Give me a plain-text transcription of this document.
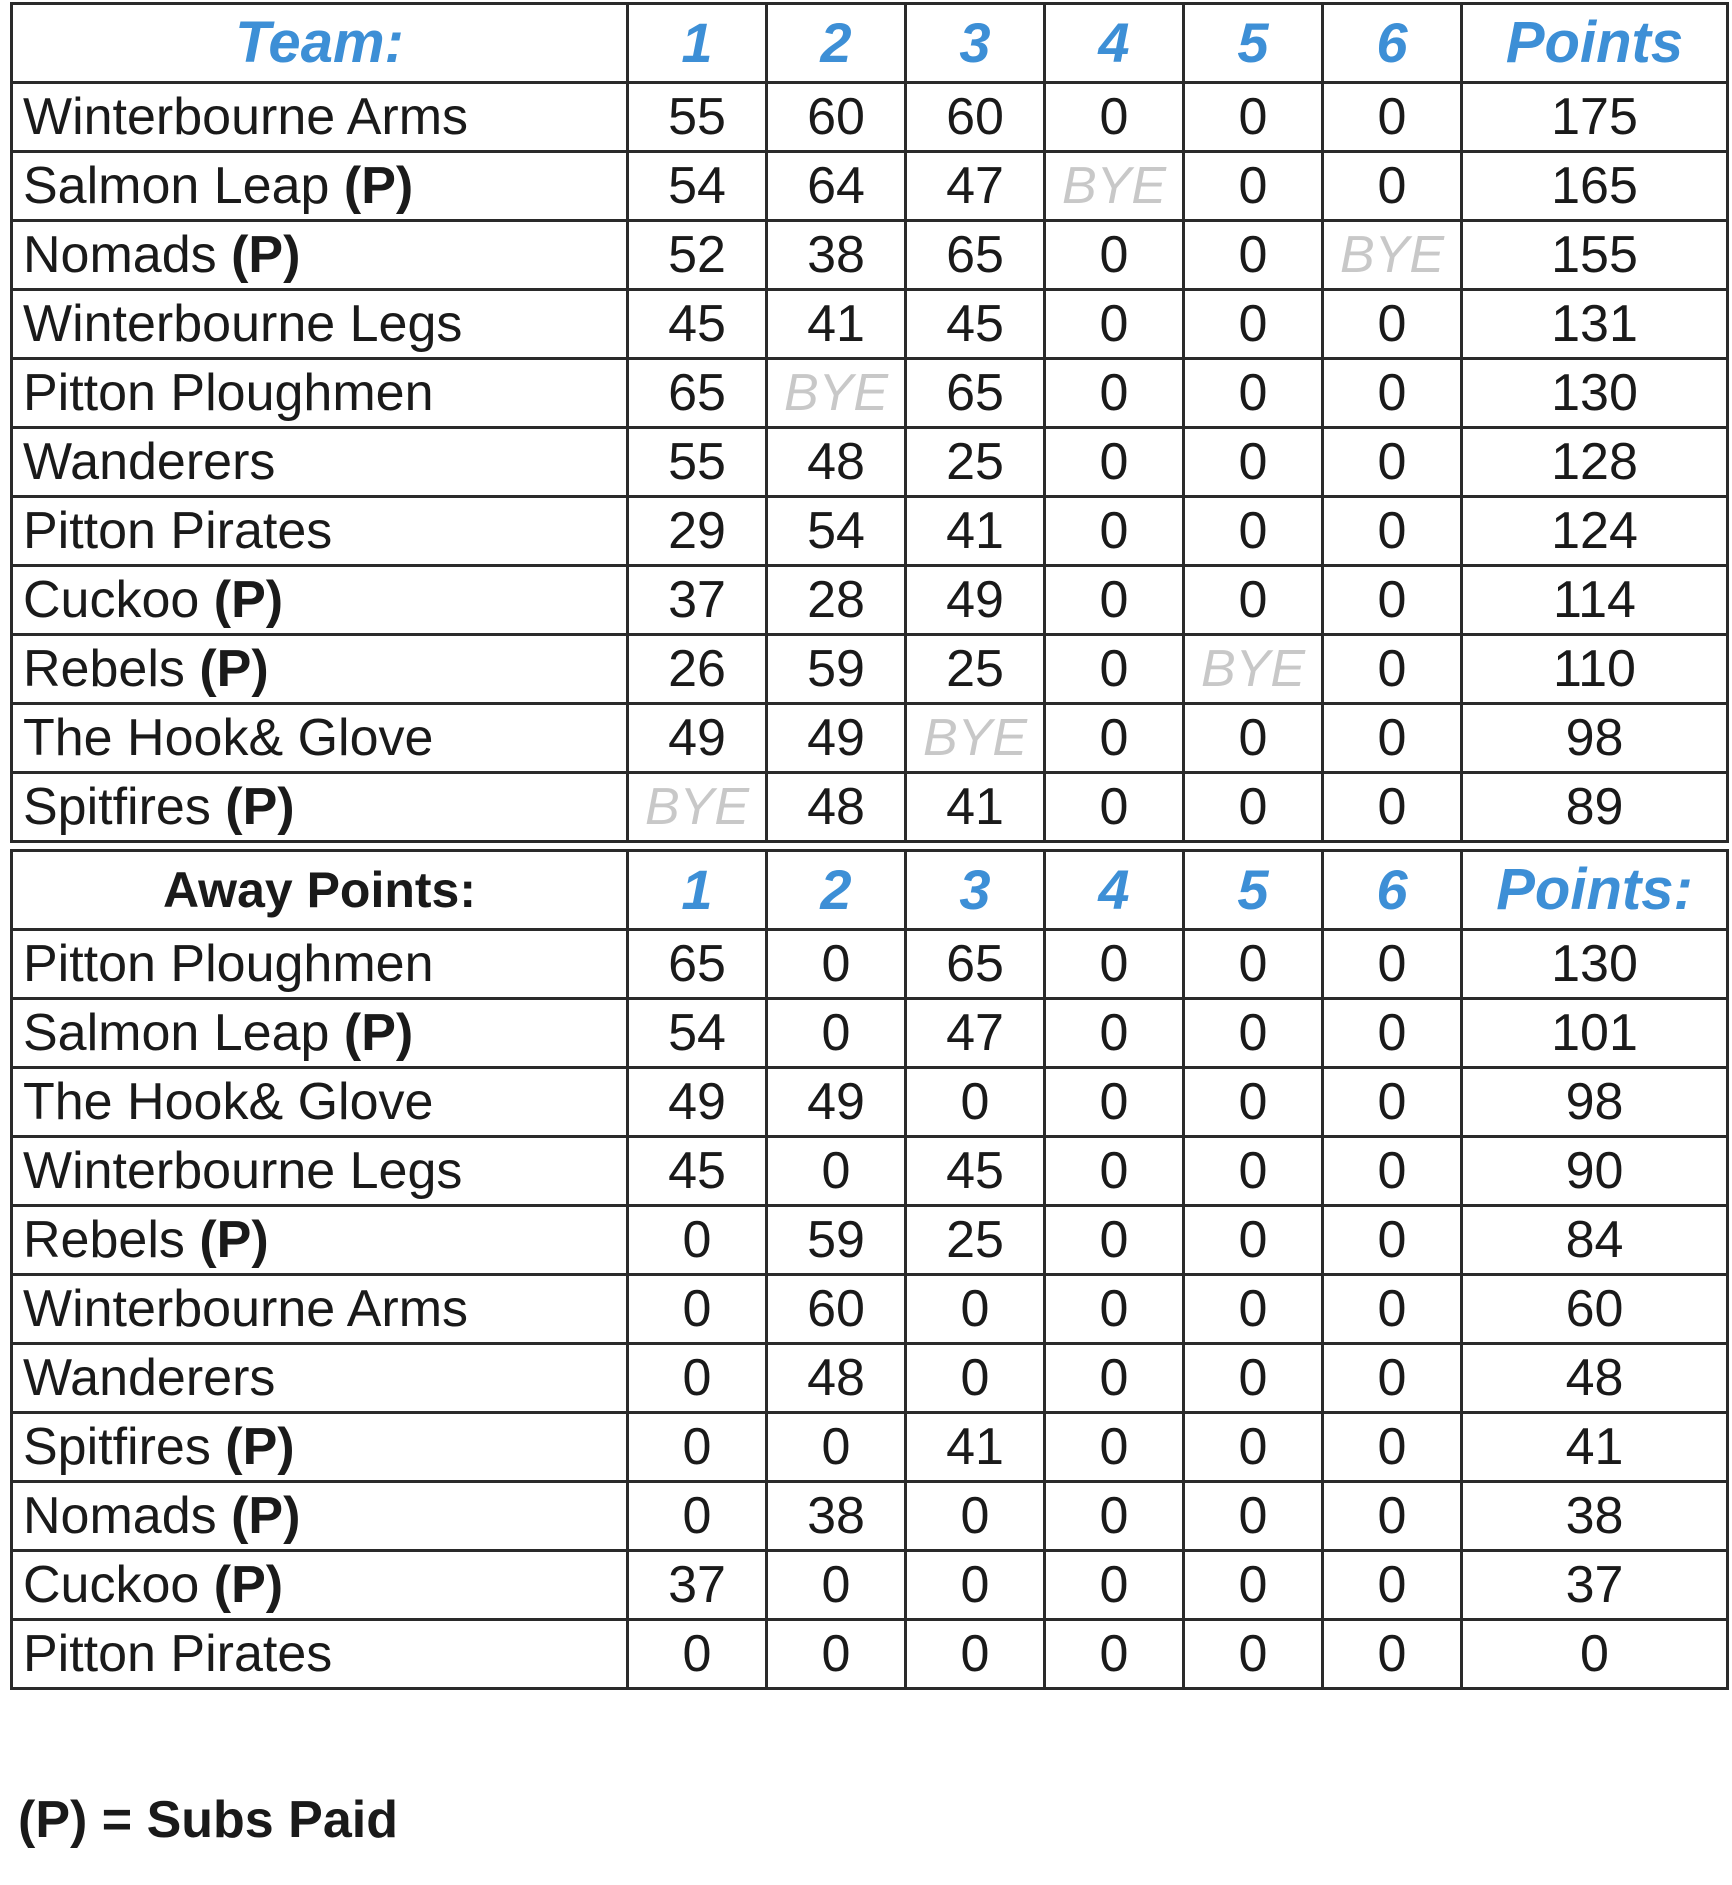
Team:	1	2	3	4	5	6	Points
Winterbourne Arms	55	60	60	0	0	0	175
Salmon Leap (P)	54	64	47	BYE	0	0	165
Nomads (P)	52	38	65	0	0	BYE	155
Winterbourne Legs	45	41	45	0	0	0	131
Pitton Ploughmen	65	BYE	65	0	0	0	130
Wanderers	55	48	25	0	0	0	128
Pitton Pirates	29	54	41	0	0	0	124
Cuckoo (P)	37	28	49	0	0	0	114
Rebels (P)	26	59	25	0	BYE	0	110
The Hook& Glove	49	49	BYE	0	0	0	98
Spitfires (P)	BYE	48	41	0	0	0	89
Away Points:	1	2	3	4	5	6	Points:
Pitton Ploughmen	65	0	65	0	0	0	130
Salmon Leap (P)	54	0	47	0	0	0	101
The Hook& Glove	49	49	0	0	0	0	98
Winterbourne Legs	45	0	45	0	0	0	90
Rebels (P)	0	59	25	0	0	0	84
Winterbourne Arms	0	60	0	0	0	0	60
Wanderers	0	48	0	0	0	0	48
Spitfires (P)	0	0	41	0	0	0	41
Nomads (P)	0	38	0	0	0	0	38
Cuckoo (P)	37	0	0	0	0	0	37
Pitton Pirates	0	0	0	0	0	0	0
(P) = Subs Paid
